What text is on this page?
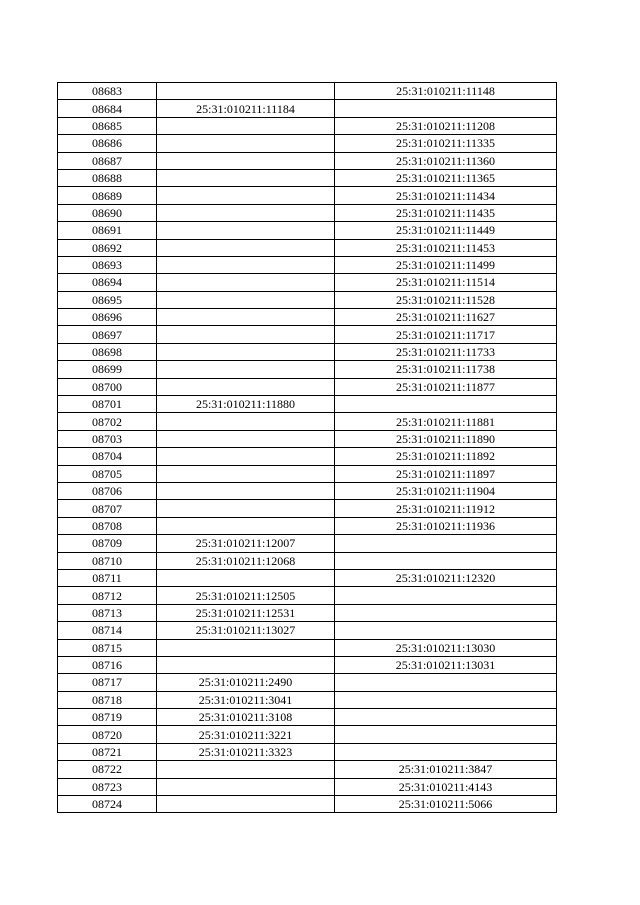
08683		25:31:010211:11148
08684	25:31:010211:11184	
08685		25:31:010211:11208
08686		25:31:010211:11335
08687		25:31:010211:11360
08688		25:31:010211:11365
08689		25:31:010211:11434
08690		25:31:010211:11435
08691		25:31:010211:11449
08692		25:31:010211:11453
08693		25:31:010211:11499
08694		25:31:010211:11514
08695		25:31:010211:11528
08696		25:31:010211:11627
08697		25:31:010211:11717
08698		25:31:010211:11733
08699		25:31:010211:11738
08700		25:31:010211:11877
08701	25:31:010211:11880	
08702		25:31:010211:11881
08703		25:31:010211:11890
08704		25:31:010211:11892
08705		25:31:010211:11897
08706		25:31:010211:11904
08707		25:31:010211:11912
08708		25:31:010211:11936
08709	25:31:010211:12007	
08710	25:31:010211:12068	
08711		25:31:010211:12320
08712	25:31:010211:12505	
08713	25:31:010211:12531	
08714	25:31:010211:13027	
08715		25:31:010211:13030
08716		25:31:010211:13031
08717	25:31:010211:2490	
08718	25:31:010211:3041	
08719	25:31:010211:3108	
08720	25:31:010211:3221	
08721	25:31:010211:3323	
08722		25:31:010211:3847
08723		25:31:010211:4143
08724		25:31:010211:5066
